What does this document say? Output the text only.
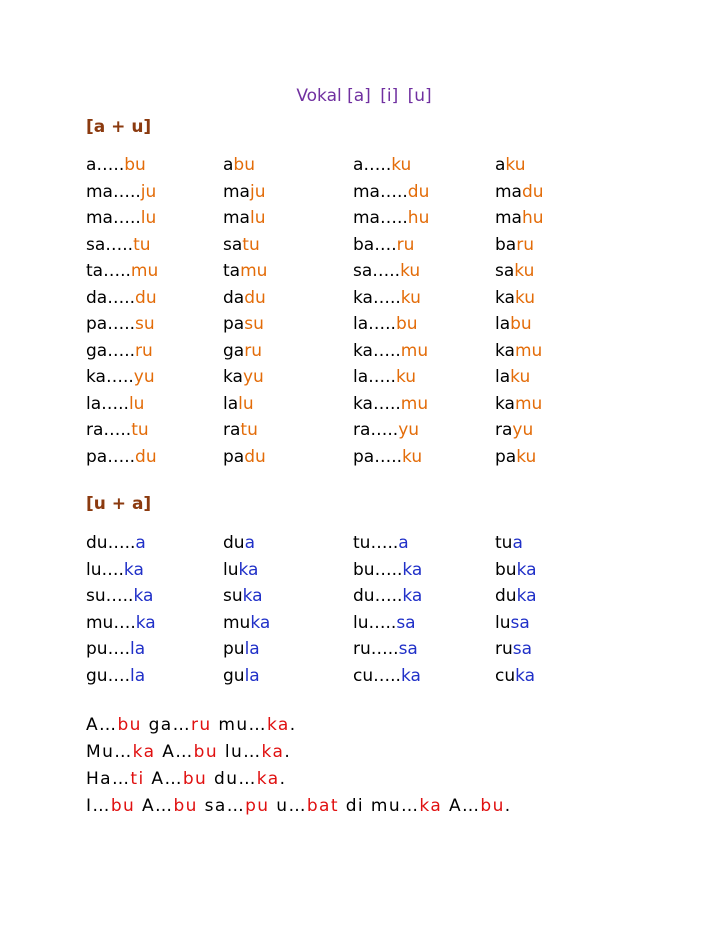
Vokal [a] [i] [u]
[a + u]
a…..bu	abu	a…..ku	aku
ma…..ju	maju	ma…..du	madu
ma…..lu	malu	ma…..hu	mahu
sa…..tu	satu	ba….ru	baru
ta…..mu	tamu	sa…..ku	saku
da…..du	dadu	ka…..ku	kaku
pa…..su	pasu	la…..bu	labu
ga…..ru	garu	ka…..mu	kamu
ka…..yu	kayu	la…..ku	laku
la…..lu	lalu	ka…..mu	kamu
ra…..tu	ratu	ra…..yu	rayu
pa…..du	padu	pa…..ku	paku
[u + a]
du…..a	dua	tu…..a	tua
lu….ka	luka	bu…..ka	buka
su…..ka	suka	du…..ka	duka
mu….ka	muka	lu…..sa	lusa
pu….la	pula	ru…..sa	rusa
gu….la	gula	cu…..ka	cuka
A… bu ga… ru mu… ka .
Mu… ka A… bu lu… ka .
Ha… ti A… bu du… ka .
I… bu A… bu sa… pu u… bat di mu… ka A… bu .
